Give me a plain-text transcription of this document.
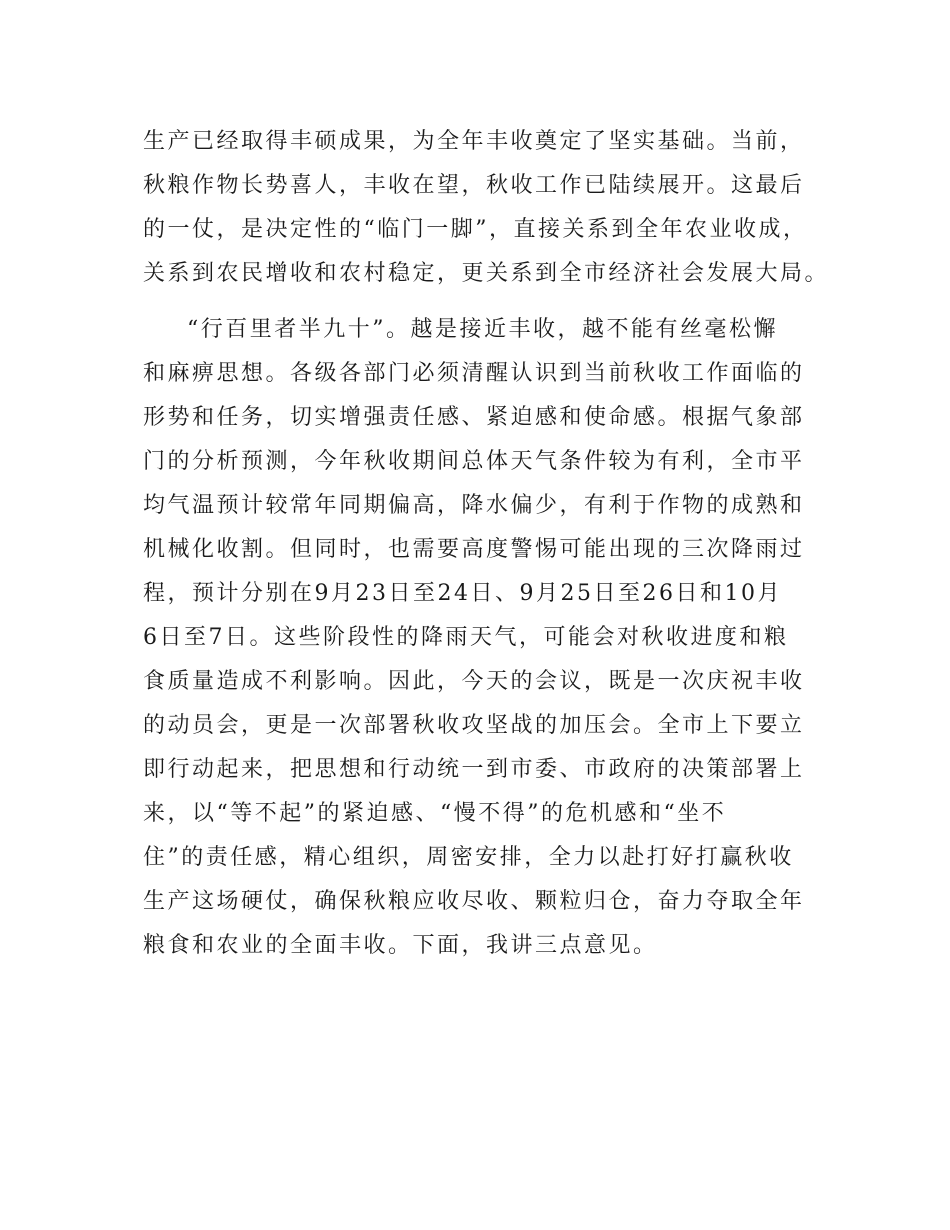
生产已经取得丰硕成果，为全年丰收奠定了坚实基础。当前，
秋粮作物长势喜人，丰收在望，秋收工作已陆续展开。这最后
的一仗，是决定性的“临门一脚”，直接关系到全年农业收成，
关系到农民增收和农村稳定，更关系到全市经济社会发展大局。
“行百里者半九十”。越是接近丰收，越不能有丝毫松懈
和麻痹思想。各级各部门必须清醒认识到当前秋收工作面临的
形势和任务，切实增强责任感、紧迫感和使命感。根据气象部
门的分析预测，今年秋收期间总体天气条件较为有利，全市平
均气温预计较常年同期偏高，降水偏少，有利于作物的成熟和
机械化收割。但同时，也需要高度警惕可能出现的三次降雨过
程，预计分别在9月23日至24日、9月25日至26日和10月
6日至7日。这些阶段性的降雨天气，可能会对秋收进度和粮
食质量造成不利影响。因此，今天的会议，既是一次庆祝丰收
的动员会，更是一次部署秋收攻坚战的加压会。全市上下要立
即行动起来，把思想和行动统一到市委、市政府的决策部署上
来，以“等不起”的紧迫感、“慢不得”的危机感和“坐不
住”的责任感，精心组织，周密安排，全力以赴打好打赢秋收
生产这场硬仗，确保秋粮应收尽收、颗粒归仓，奋力夺取全年
粮食和农业的全面丰收。下面，我讲三点意见。
